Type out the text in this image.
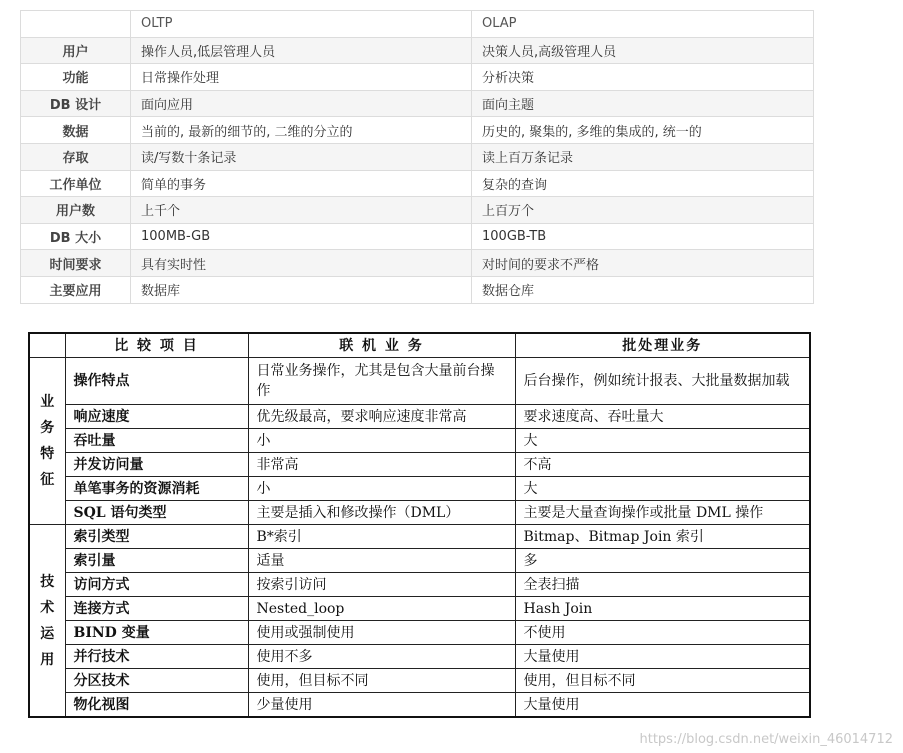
	OLTP	OLAP
用户	操作人员,低层管理人员	决策人员,高级管理人员
功能	日常操作处理	分析决策
DB 设计	面向应用	面向主题
数据	当前的, 最新的细节的, 二维的分立的	历史的, 聚集的, 多维的集成的, 统一的
存取	读/写数十条记录	读上百万条记录
工作单位	简单的事务	复杂的查询
用户数	上千个	上百万个
DB 大小	100MB-GB	100GB-TB
时间要求	具有实时性	对时间的要求不严格
主要应用	数据库	数据仓库
	比 较 项 目	联 机 业 务	批处理业务

业务特征	操作特点	日常业务操作，尤其是包含大量前台操作	后台操作，例如统计报表、大批量数据加载
	响应速度	优先级最高，要求响应速度非常高	要求速度高、吞吐量大
	吞吐量	小	大
	并发访问量	非常高	不高
	单笔事务的资源消耗	小	大
	SQL 语句类型	主要是插入和修改操作（DML）	主要是大量查询操作或批量 DML 操作

技术运用	索引类型	B*索引	Bitmap、Bitmap Join 索引
	索引量	适量	多
	访问方式	按索引访问	全表扫描
	连接方式	Nested_loop	Hash Join
	BIND 变量	使用或强制使用	不使用
	并行技术	使用不多	大量使用
	分区技术	使用，但目标不同	使用，但目标不同
	物化视图	少量使用	大量使用
https://blog.csdn.net/weixin_46014712
